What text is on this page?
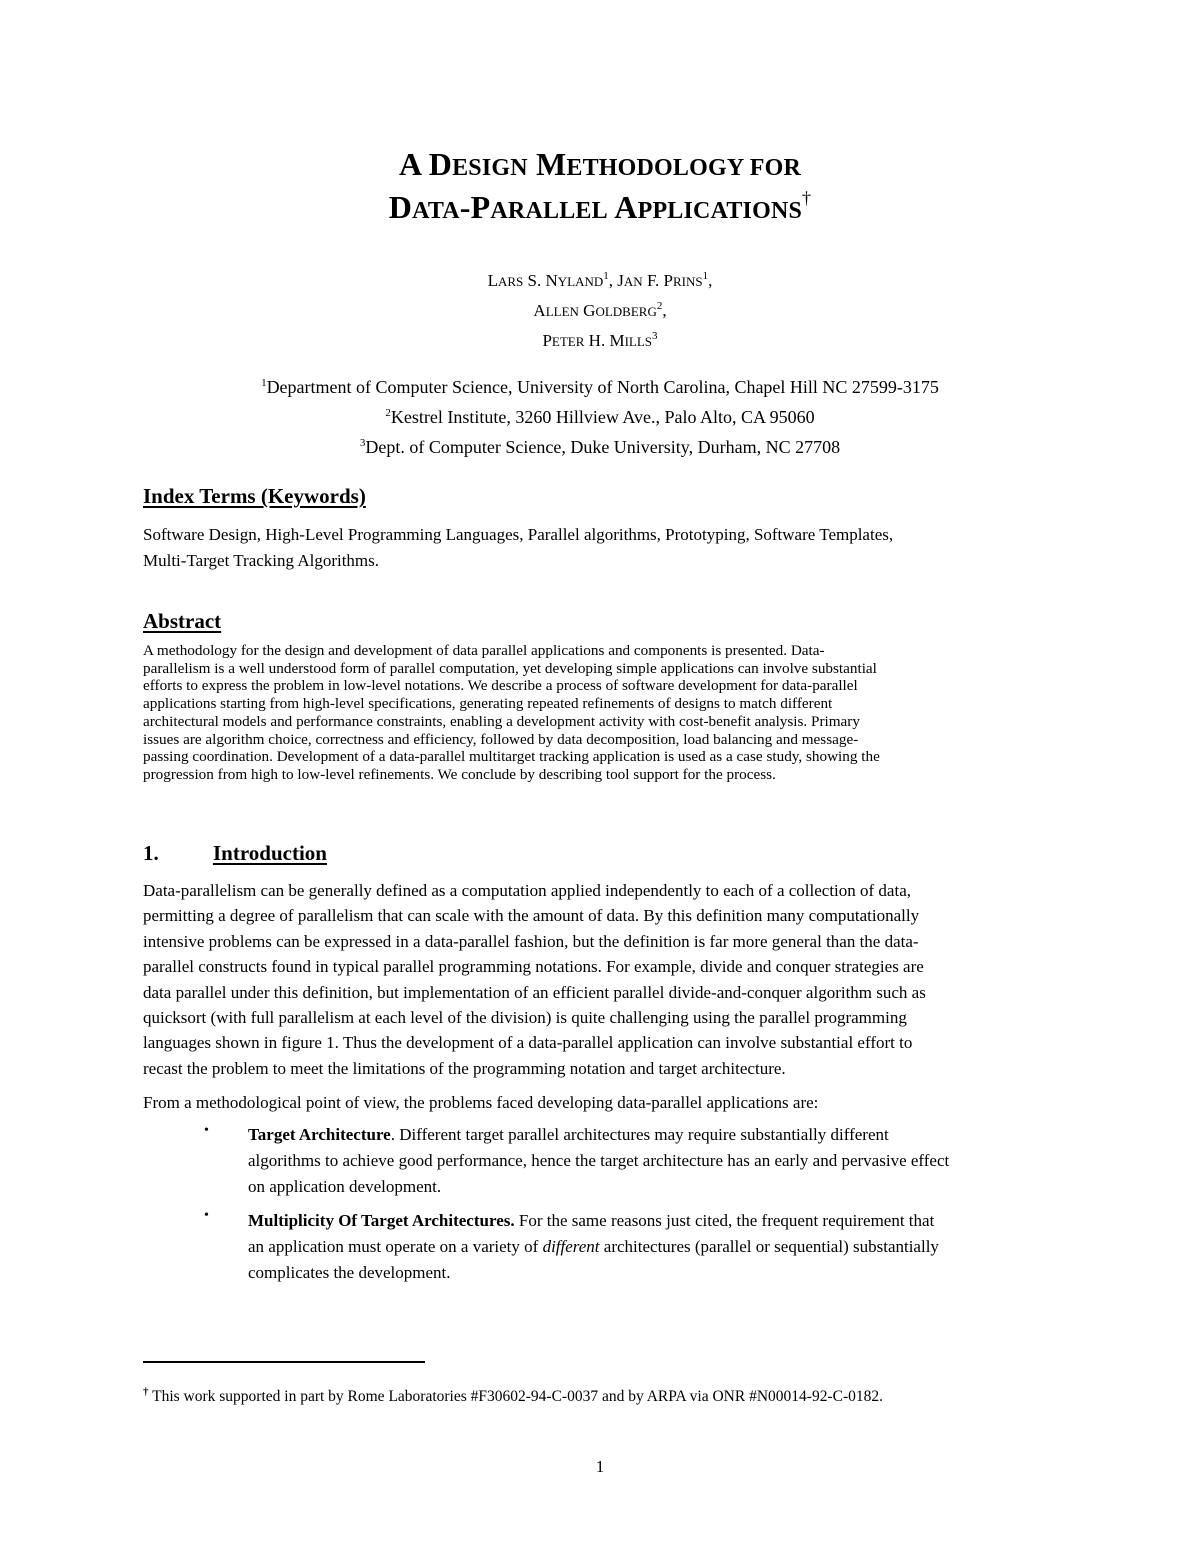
A DESIGN METHODOLOGY FOR
DATA-PARALLEL APPLICATIONS†
LARS S. NYLAND$^1$, JAN F. PRINS$^1$,
ALLEN GOLDBERG$^2$,
PETER H. MILLS$^3$
$^1$Department of Computer Science, University of North Carolina, Chapel Hill NC 27599-3175
$^2$Kestrel Institute, 3260 Hillview Ave., Palo Alto, CA 95060
$^3$Dept. of Computer Science, Duke University, Durham, NC 27708
Index Terms (Keywords)
Software Design, High-Level Programming Languages, Parallel algorithms, Prototyping, Software Templates,
Multi-Target Tracking Algorithms.
Abstract
A methodology for the design and development of data parallel applications and components is presented. Data-
parallelism is a well understood form of parallel computation, yet developing simple applications can involve substantial
efforts to express the problem in low-level notations. We describe a process of software development for data-parallel
applications starting from high-level specifications, generating repeated refinements of designs to match different
architectural models and performance constraints, enabling a development activity with cost-benefit analysis. Primary
issues are algorithm choice, correctness and efficiency, followed by data decomposition, load balancing and message-
passing coordination. Development of a data-parallel multitarget tracking application is used as a case study, showing the
progression from high to low-level refinements. We conclude by describing tool support for the process.
1.	Introduction
Data-parallelism can be generally defined as a computation applied independently to each of a collection of data,
permitting a degree of parallelism that can scale with the amount of data. By this definition many computationally
intensive problems can be expressed in a data-parallel fashion, but the definition is far more general than the data-
parallel constructs found in typical parallel programming notations. For example, divide and conquer strategies are
data parallel under this definition, but implementation of an efficient parallel divide-and-conquer algorithm such as
quicksort (with full parallelism at each level of the division) is quite challenging using the parallel programming
languages shown in figure 1. Thus the development of a data-parallel application can involve substantial effort to
recast the problem to meet the limitations of the programming notation and target architecture.
From a methodological point of view, the problems faced developing data-parallel applications are:
• Target Architecture. Different target parallel architectures may require substantially different
algorithms to achieve good performance, hence the target architecture has an early and pervasive effect
on application development.
• Multiplicity Of Target Architectures. For the same reasons just cited, the frequent requirement that
an application must operate on a variety of different architectures (parallel or sequential) substantially
complicates the development.
† This work supported in part by Rome Laboratories #F30602-94-C-0037 and by ARPA via ONR #N00014-92-C-0182.
1
